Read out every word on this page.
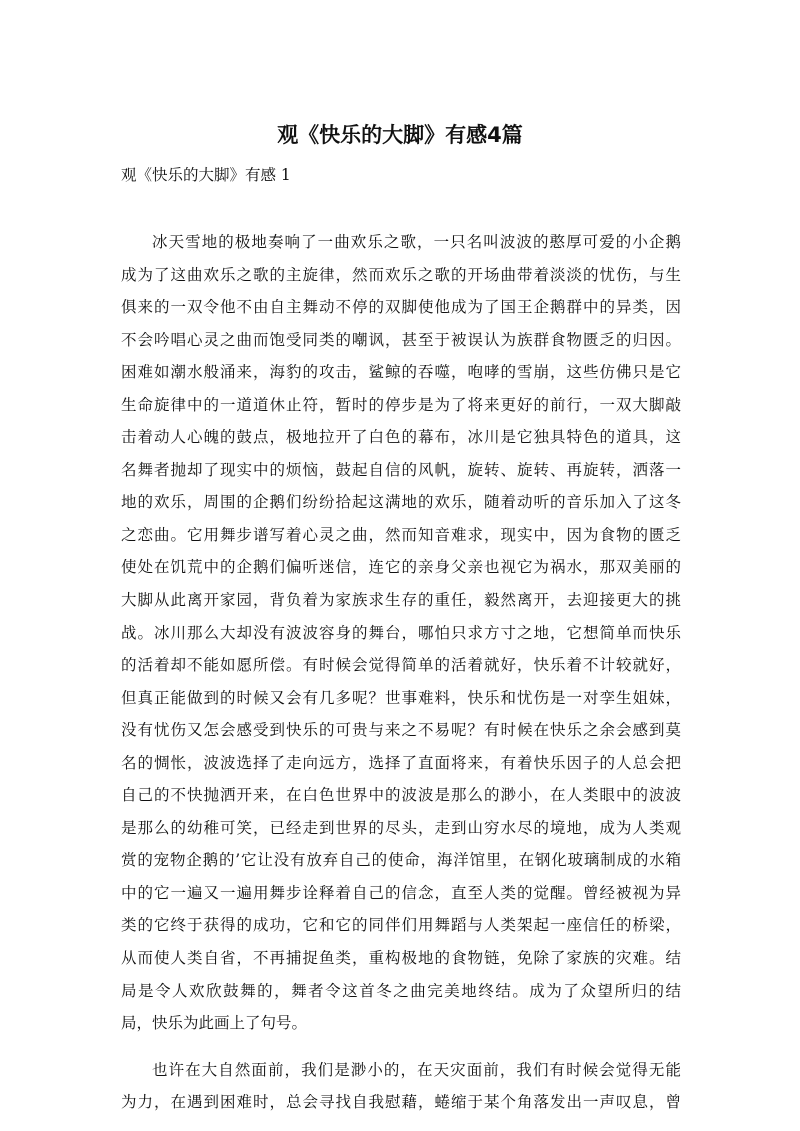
观《快乐的大脚》有感4篇

观《快乐的大脚》有感 1

冰天雪地的极地奏响了一曲欢乐之歌，一只名叫波波的憨厚可爱的小企鹅
成为了这曲欢乐之歌的主旋律，然而欢乐之歌的开场曲带着淡淡的忧伤，与生
俱来的一双令他不由自主舞动不停的双脚使他成为了国王企鹅群中的异类，因
不会吟唱心灵之曲而饱受同类的嘲讽，甚至于被误认为族群食物匮乏的归因。
困难如潮水般涌来，海豹的攻击，鲨鲸的吞噬，咆哮的雪崩，这些仿佛只是它
生命旋律中的一道道休止符，暂时的停步是为了将来更好的前行，一双大脚敲
击着动人心魄的鼓点，极地拉开了白色的幕布，冰川是它独具特色的道具，这
名舞者抛却了现实中的烦恼，鼓起自信的风帆，旋转、旋转、再旋转，洒落一
地的欢乐，周围的企鹅们纷纷拾起这满地的欢乐，随着动听的音乐加入了这冬
之恋曲。它用舞步谱写着心灵之曲，然而知音难求，现实中，因为食物的匮乏
使处在饥荒中的企鹅们偏听迷信，连它的亲身父亲也视它为祸水，那双美丽的
大脚从此离开家园，背负着为家族求生存的重任，毅然离开，去迎接更大的挑
战。冰川那么大却没有波波容身的舞台，哪怕只求方寸之地，它想简单而快乐
的活着却不能如愿所偿。有时候会觉得简单的活着就好，快乐着不计较就好，
但真正能做到的时候又会有几多呢？世事难料，快乐和忧伤是一对孪生姐妹，
没有忧伤又怎会感受到快乐的可贵与来之不易呢？有时候在快乐之余会感到莫
名的惆怅，波波选择了走向远方，选择了直面将来，有着快乐因子的人总会把
自己的不快抛洒开来，在白色世界中的波波是那么的渺小，在人类眼中的波波
是那么的幼稚可笑，已经走到世界的尽头，走到山穷水尽的境地，成为人类观
赏的宠物企鹅的’它让没有放弃自己的使命，海洋馆里，在钢化玻璃制成的水箱
中的它一遍又一遍用舞步诠释着自己的信念，直至人类的觉醒。曾经被视为异
类的它终于获得的成功，它和它的同伴们用舞蹈与人类架起一座信任的桥梁，
从而使人类自省，不再捕捉鱼类，重构极地的食物链，免除了家族的灾难。结
局是令人欢欣鼓舞的，舞者令这首冬之曲完美地终结。成为了众望所归的结
局，快乐为此画上了句号。
也许在大自然面前，我们是渺小的，在天灾面前，我们有时候会觉得无能
为力，在遇到困难时，总会寻找自我慰藉，蜷缩于某个角落发出一声叹息，曾
